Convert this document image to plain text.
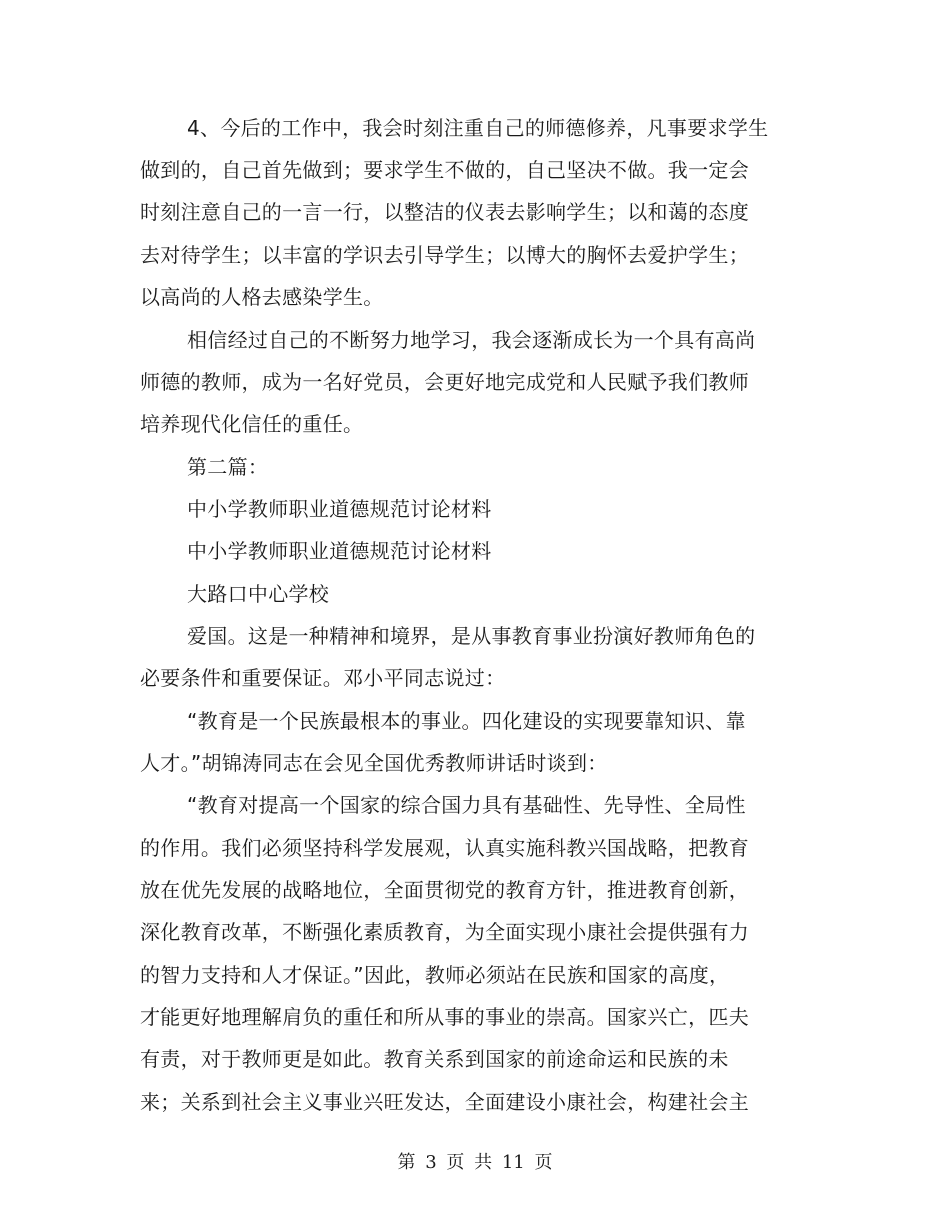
4、今后的工作中，我会时刻注重自己的师德修养，凡事要求学生
做到的，自己首先做到；要求学生不做的，自己坚决不做。我一定会
时刻注意自己的一言一行，以整洁的仪表去影响学生；以和蔼的态度
去对待学生；以丰富的学识去引导学生；以博大的胸怀去爱护学生；
以高尚的人格去感染学生。
相信经过自己的不断努力地学习，我会逐渐成长为一个具有高尚
师德的教师，成为一名好党员，会更好地完成党和人民赋予我们教师
培养现代化信任的重任。
第二篇：
中小学教师职业道德规范讨论材料
中小学教师职业道德规范讨论材料
大路口中心学校
爱国。这是一种精神和境界，是从事教育事业扮演好教师角色的
必要条件和重要保证。邓小平同志说过：
“教育是一个民族最根本的事业。四化建设的实现要靠知识、靠
人才。”胡锦涛同志在会见全国优秀教师讲话时谈到：
“教育对提高一个国家的综合国力具有基础性、先导性、全局性
的作用。我们必须坚持科学发展观，认真实施科教兴国战略，把教育
放在优先发展的战略地位，全面贯彻党的教育方针，推进教育创新，
深化教育改革，不断强化素质教育，为全面实现小康社会提供强有力
的智力支持和人才保证。”因此，教师必须站在民族和国家的高度，
才能更好地理解肩负的重任和所从事的事业的崇高。国家兴亡，匹夫
有责，对于教师更是如此。教育关系到国家的前途命运和民族的未
来；关系到社会主义事业兴旺发达，全面建设小康社会，构建社会主
第 3 页 共 11 页
